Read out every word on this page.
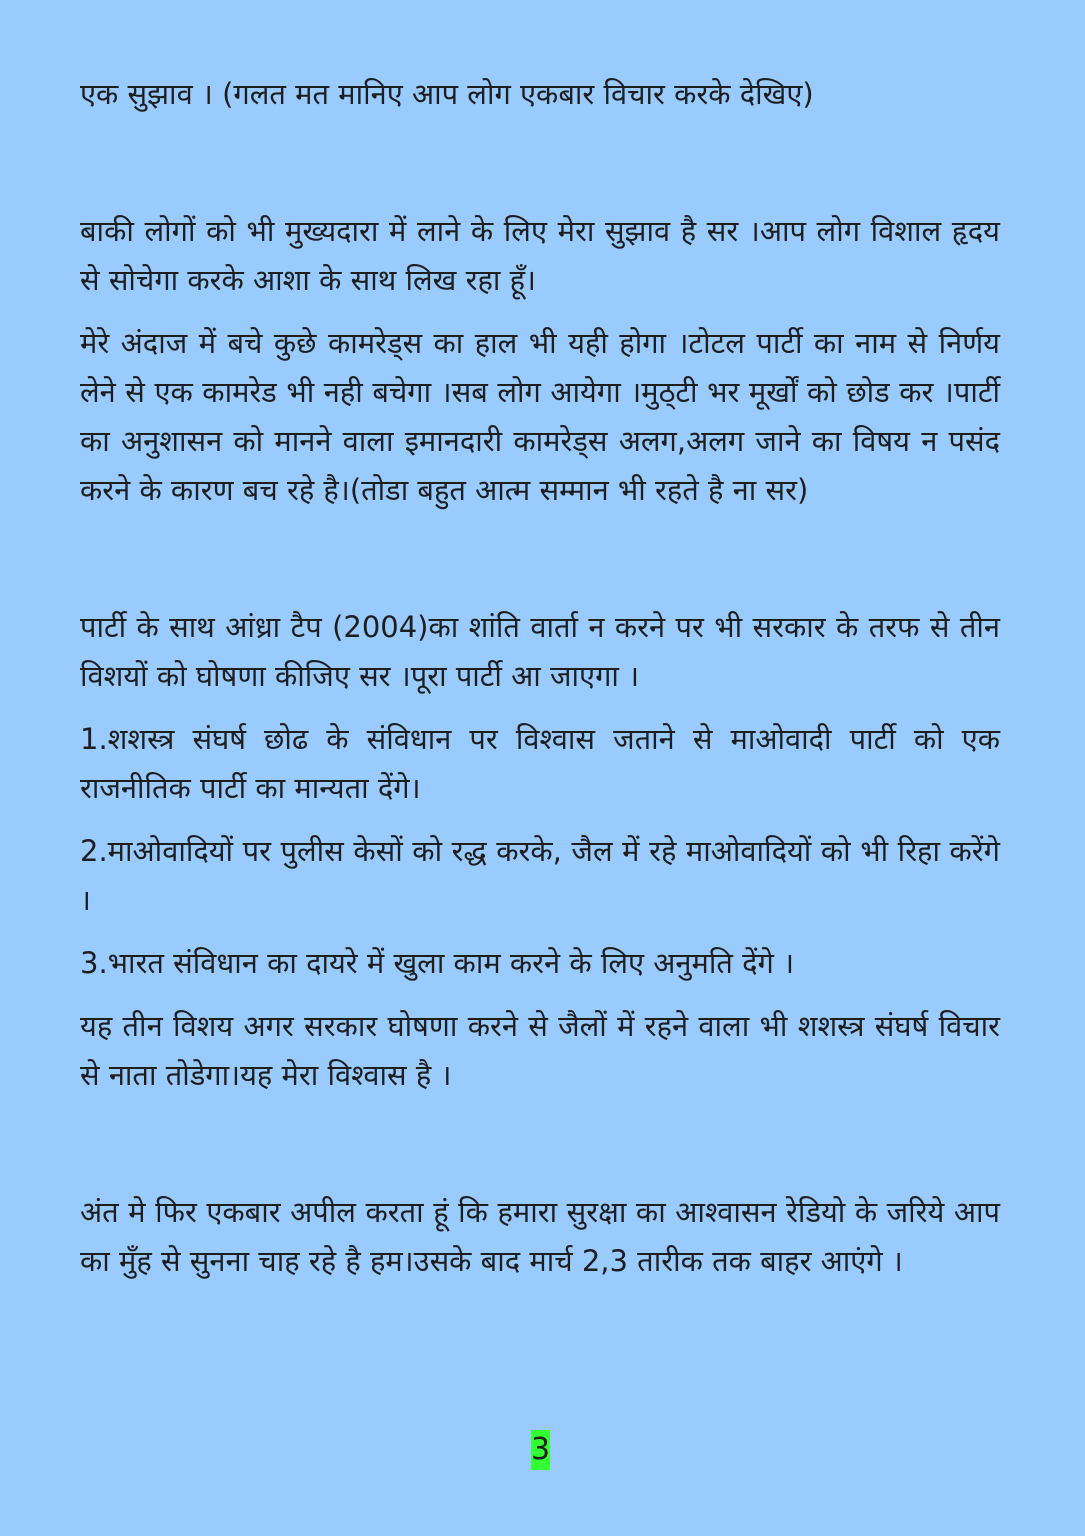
एक सुझाव । (गलत मत मानिए आप लोग एकबार विचार करके देखिए)

बाकी लोगों को भी मुख्यदारा में लाने के लिए मेरा सुझाव है सर ।आप लोग विशाल हृदय से सोचेगा करके आशा के साथ लिख रहा हूँ।

मेरे अंदाज में बचे कुछे कामरेड्स का हाल भी यही होगा ।टोटल पार्टी का नाम से निर्णय लेने से एक कामरेड भी नही बचेगा ।सब लोग आयेगा ।मुठ्टी भर मूर्खों को छोड कर ।पार्टी का अनुशासन को मानने वाला इमानदारी कामरेड्स अलग,अलग जाने का विषय न पसंद करने के कारण बच रहे है।(तोडा बहुत आत्म सम्मान भी रहते है ना सर)

पार्टी के साथ आंध्रा टैप (2004)का शांति वार्ता न करने पर भी सरकार के तरफ से तीन विशयों को घोषणा कीजिए सर ।पूरा पार्टी आ जाएगा ।

1.शशस्त्र संघर्ष छोढ के संविधान पर विश्वास जताने से माओवादी पार्टी को एक राजनीतिक पार्टी का मान्यता देंगे।

2.माओवादियों पर पुलीस केसों को रद्ध करके, जैल में रहे माओवादियों को भी रिहा करेंगे ।

3.भारत संविधान का दायरे में खुला काम करने के लिए अनुमति देंगे ।

यह तीन विशय अगर सरकार घोषणा करने से जैलों में रहने वाला भी शशस्त्र संघर्ष विचार से नाता तोडेगा।यह मेरा विश्वास है ।

अंत मे फिर एकबार अपील करता हूं कि हमारा सुरक्षा का आश्वासन रेडियो के जरिये आप का मुँह से सुनना चाह रहे है हम।उसके बाद मार्च 2,3 तारीक तक बाहर आएंगे ।

3
